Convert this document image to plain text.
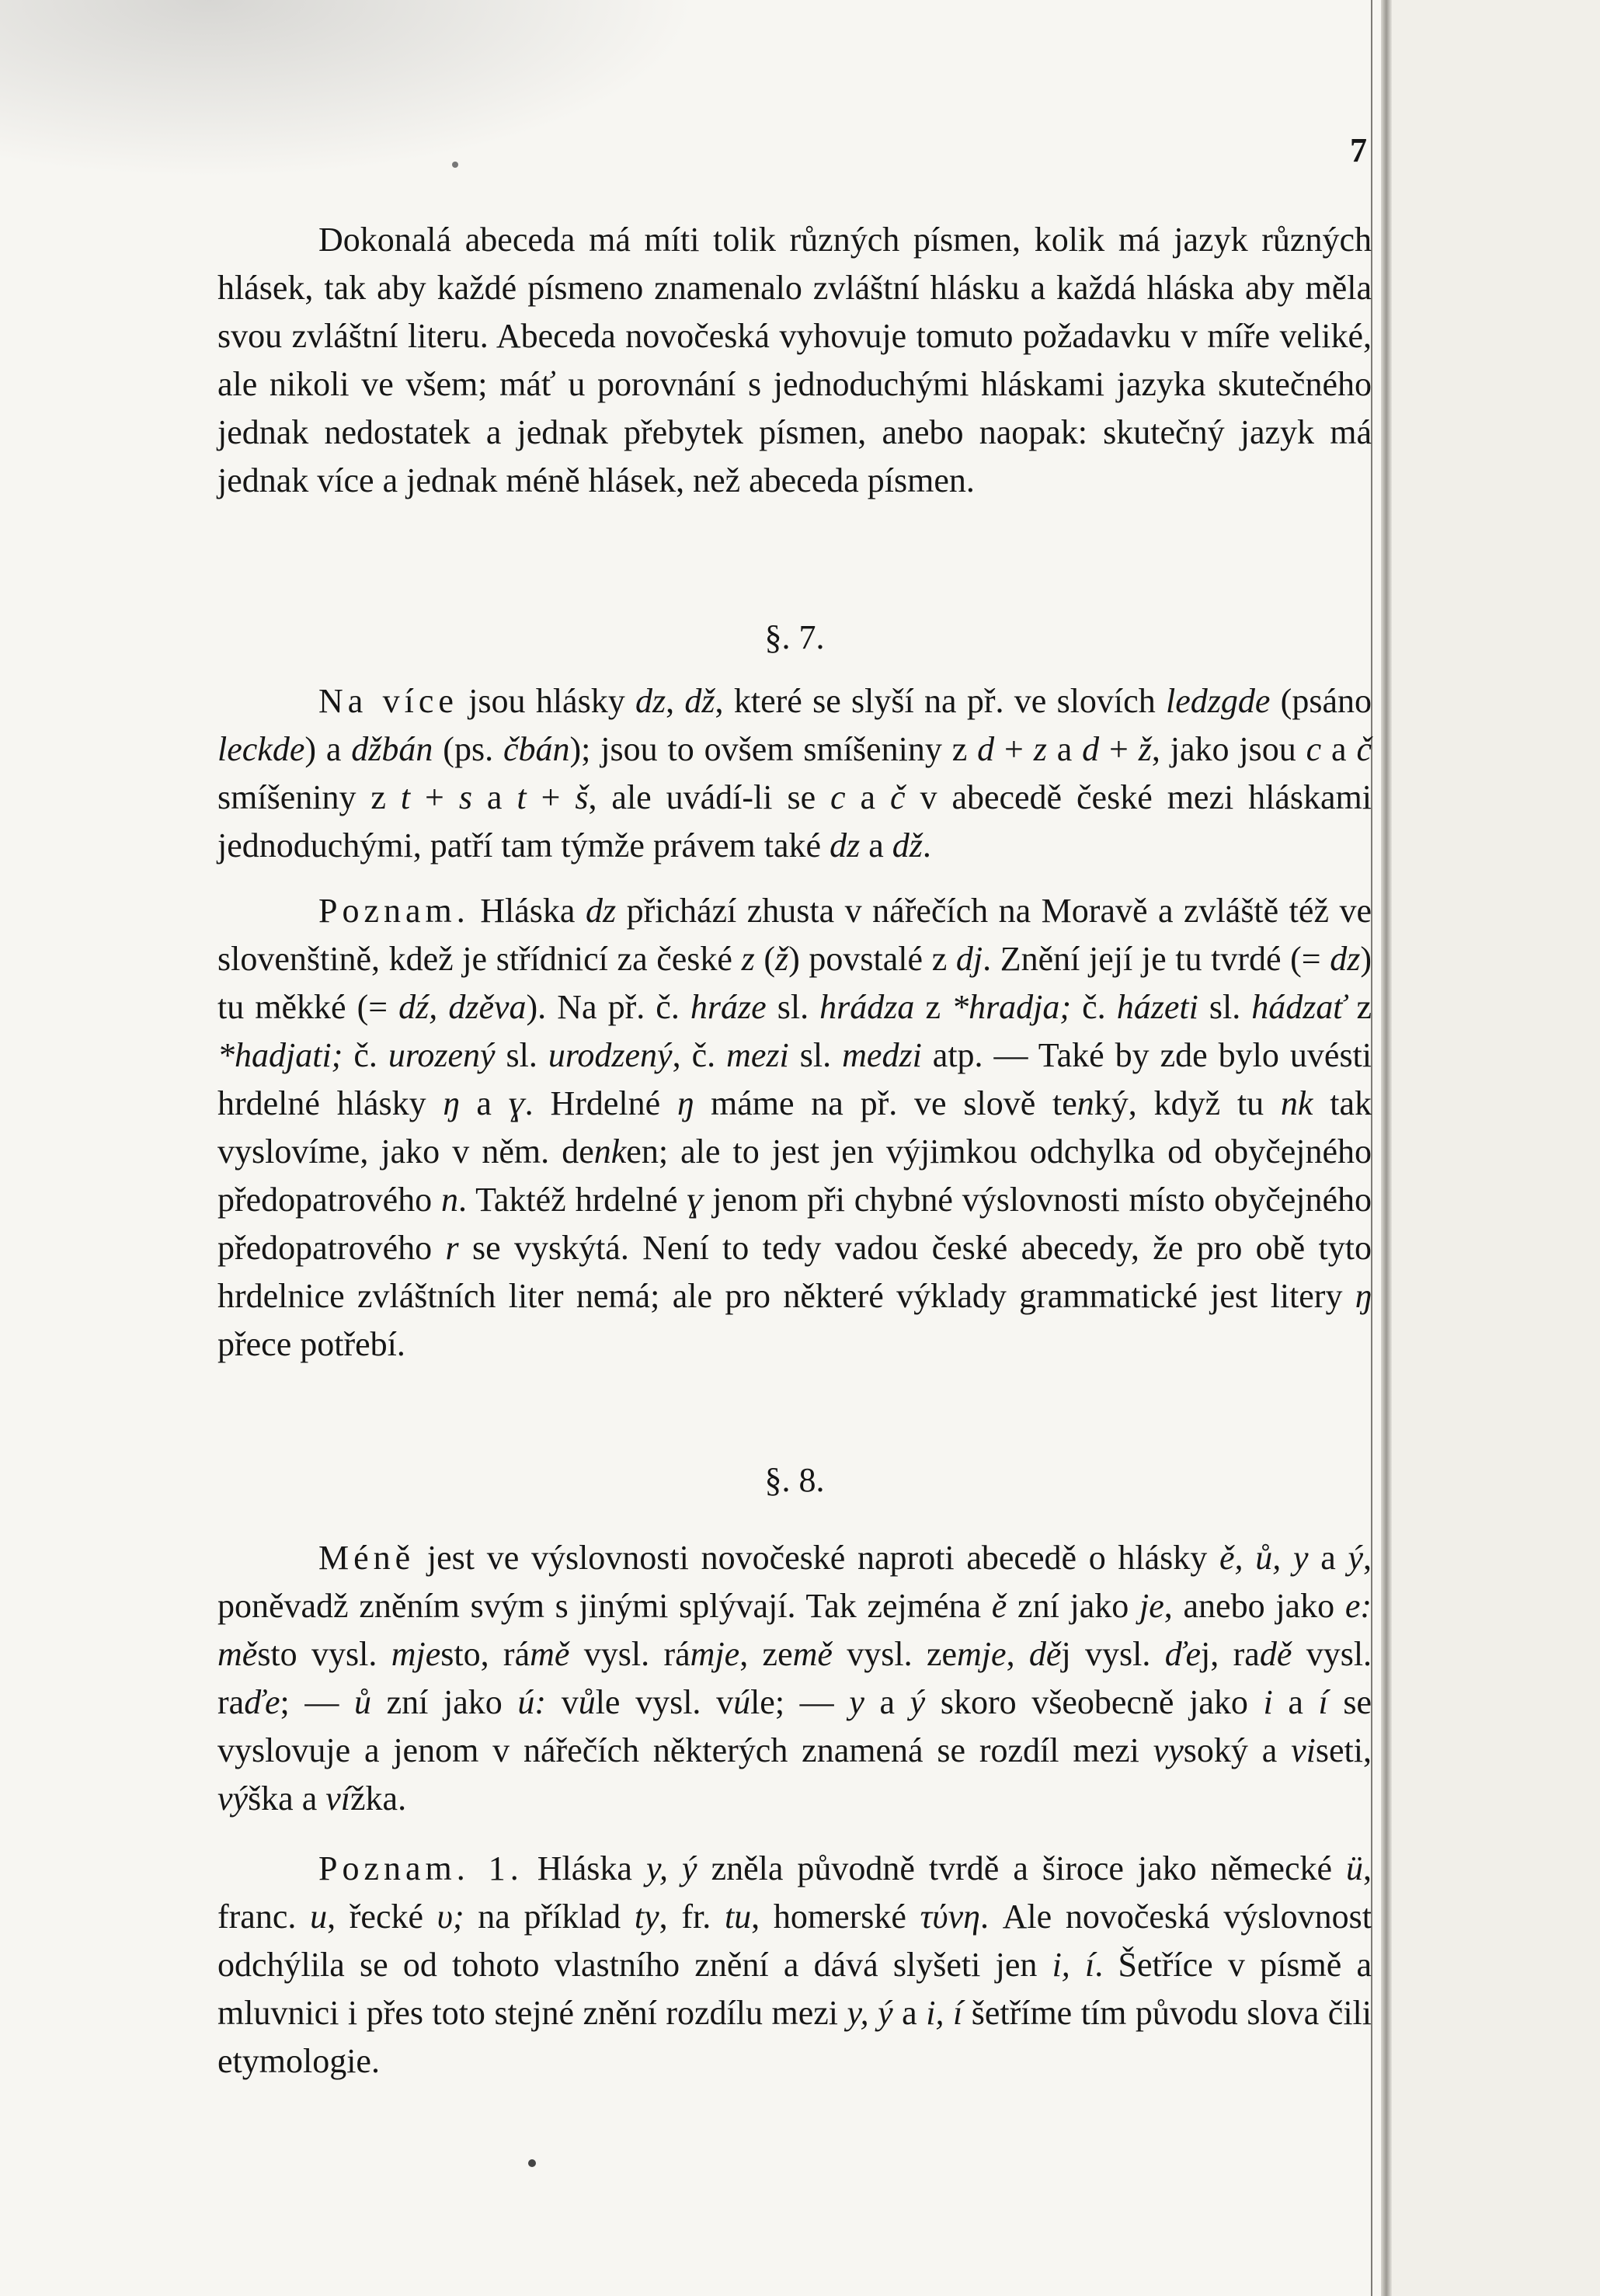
7

Dokonalá abeceda má míti tolik různých písmen, kolik má jazyk různých hlásek, tak aby každé písmeno znamenalo zvláštní hlásku a každá hláska aby měla svou zvláštní literu. Abeceda novočeská vyhovuje tomuto požadavku v míře veliké, ale nikoli ve všem; máť u porovnání s jednoduchými hláskami jazyka skutečného jednak nedostatek a jednak přebytek písmen, anebo naopak: skutečný jazyk má jednak více a jednak méně hlásek, než abeceda písmen.

§. 7.

Na více jsou hlásky dz, dž, které se slyší na př. ve slovích ledzgde (psáno leckde) a džbán (ps. čbán); jsou to ovšem smíšeniny z d + z a d + ž, jako jsou c a č smíšeniny z t + s a t + š, ale uvádí-li se c a č v abecedě české mezi hláskami jednoduchými, patří tam týmže právem také dz a dž.

Poznam. Hláska dz přichází zhusta v nářečích na Moravě a zvláště též ve slovenštině, kdež je střídnicí za české z (ž) povstalé z dj. Znění její je tu tvrdé (= dz) tu měkké (= dź, dzěva). Na př. č. hráze sl. hrádza z *hradja; č. házeti sl. hádzať z *hadjati; č. urozený sl. urodzený, č. mezi sl. medzi atp. — Také by zde bylo uvésti hrdelné hlásky ŋ a ɣ. Hrdelné ŋ máme na př. ve slově tenký, když tu nk tak vyslovíme, jako v něm. denken; ale to jest jen výjimkou odchylka od obyčejného předopatrového n. Taktéž hrdelné ɣ jenom při chybné výslovnosti místo obyčejného předopatrového r se vyskýtá. Není to tedy vadou české abecedy, že pro obě tyto hrdelnice zvláštních liter nemá; ale pro některé výklady grammatické jest litery ŋ přece potřebí.

§. 8.

Méně jest ve výslovnosti novočeské naproti abecedě o hlásky ě, ů, y a ý, poněvadž zněním svým s jinými splývají. Tak zejména ě zní jako je, anebo jako e: město vysl. mjesto, rámě vysl. rámje, země vysl. zemje, děj vysl. ďej, radě vysl. raďe; — ů zní jako ú: vůle vysl. vúle; — y a ý skoro všeobecně jako i a í se vyslovuje a jenom v nářečích některých znamená se rozdíl mezi vysoký a viseti, výška a vížka.

Poznam. 1. Hláska y, ý zněla původně tvrdě a široce jako německé ü, franc. u, řecké υ; na příklad ty, fr. tu, homerské τύνη. Ale novočeská výslovnost odchýlila se od tohoto vlastního znění a dává slyšeti jen i, í. Šetříce v písmě a mluvnici i přes toto stejné znění rozdílu mezi y, ý a i, í šetříme tím původu slova čili etymologie.
